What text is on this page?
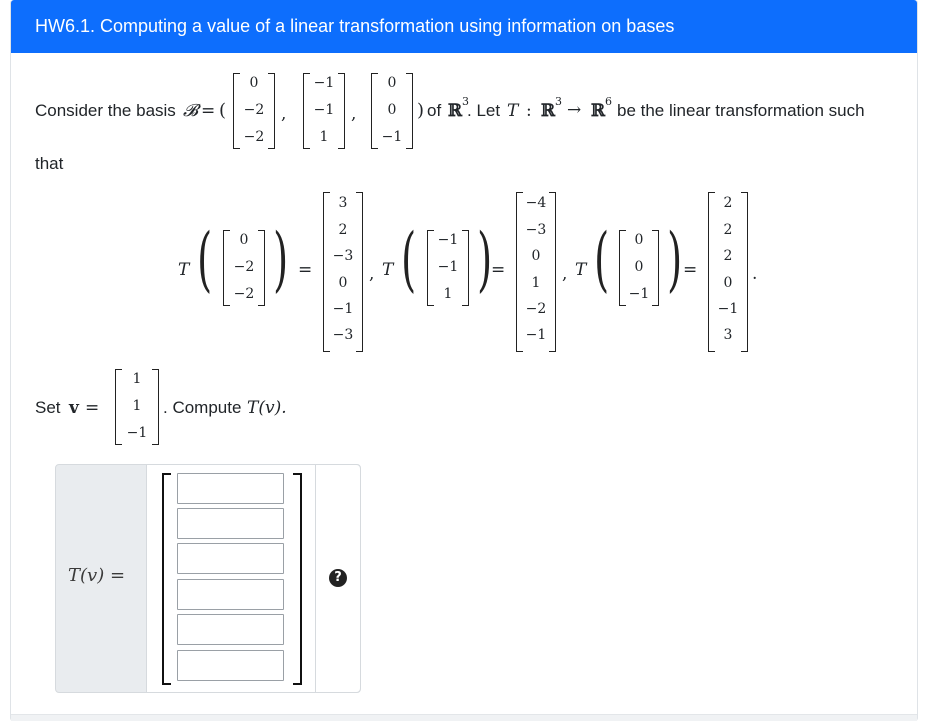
HW6.1. Computing a value of a linear transformation using information on bases
Consider the basis 𝓑 = (
0
−2
−2
,
−1
−1
1
,
0
0
−1
) of ℝ 3
. Let T : ℝ 3 → ℝ 6 be the linear transformation such
that
T (	0
−2
−2 ) =
3
2
−3
0
−1
−3
, T (	−1
−1
1 )
=
−4
−3
0
1
−2
−1
, T (	0
0
−1 ) =
2
2
2
0
−1
3
.
Set v =
1
1
−1
. Compute T(v).
T(v) =	?
